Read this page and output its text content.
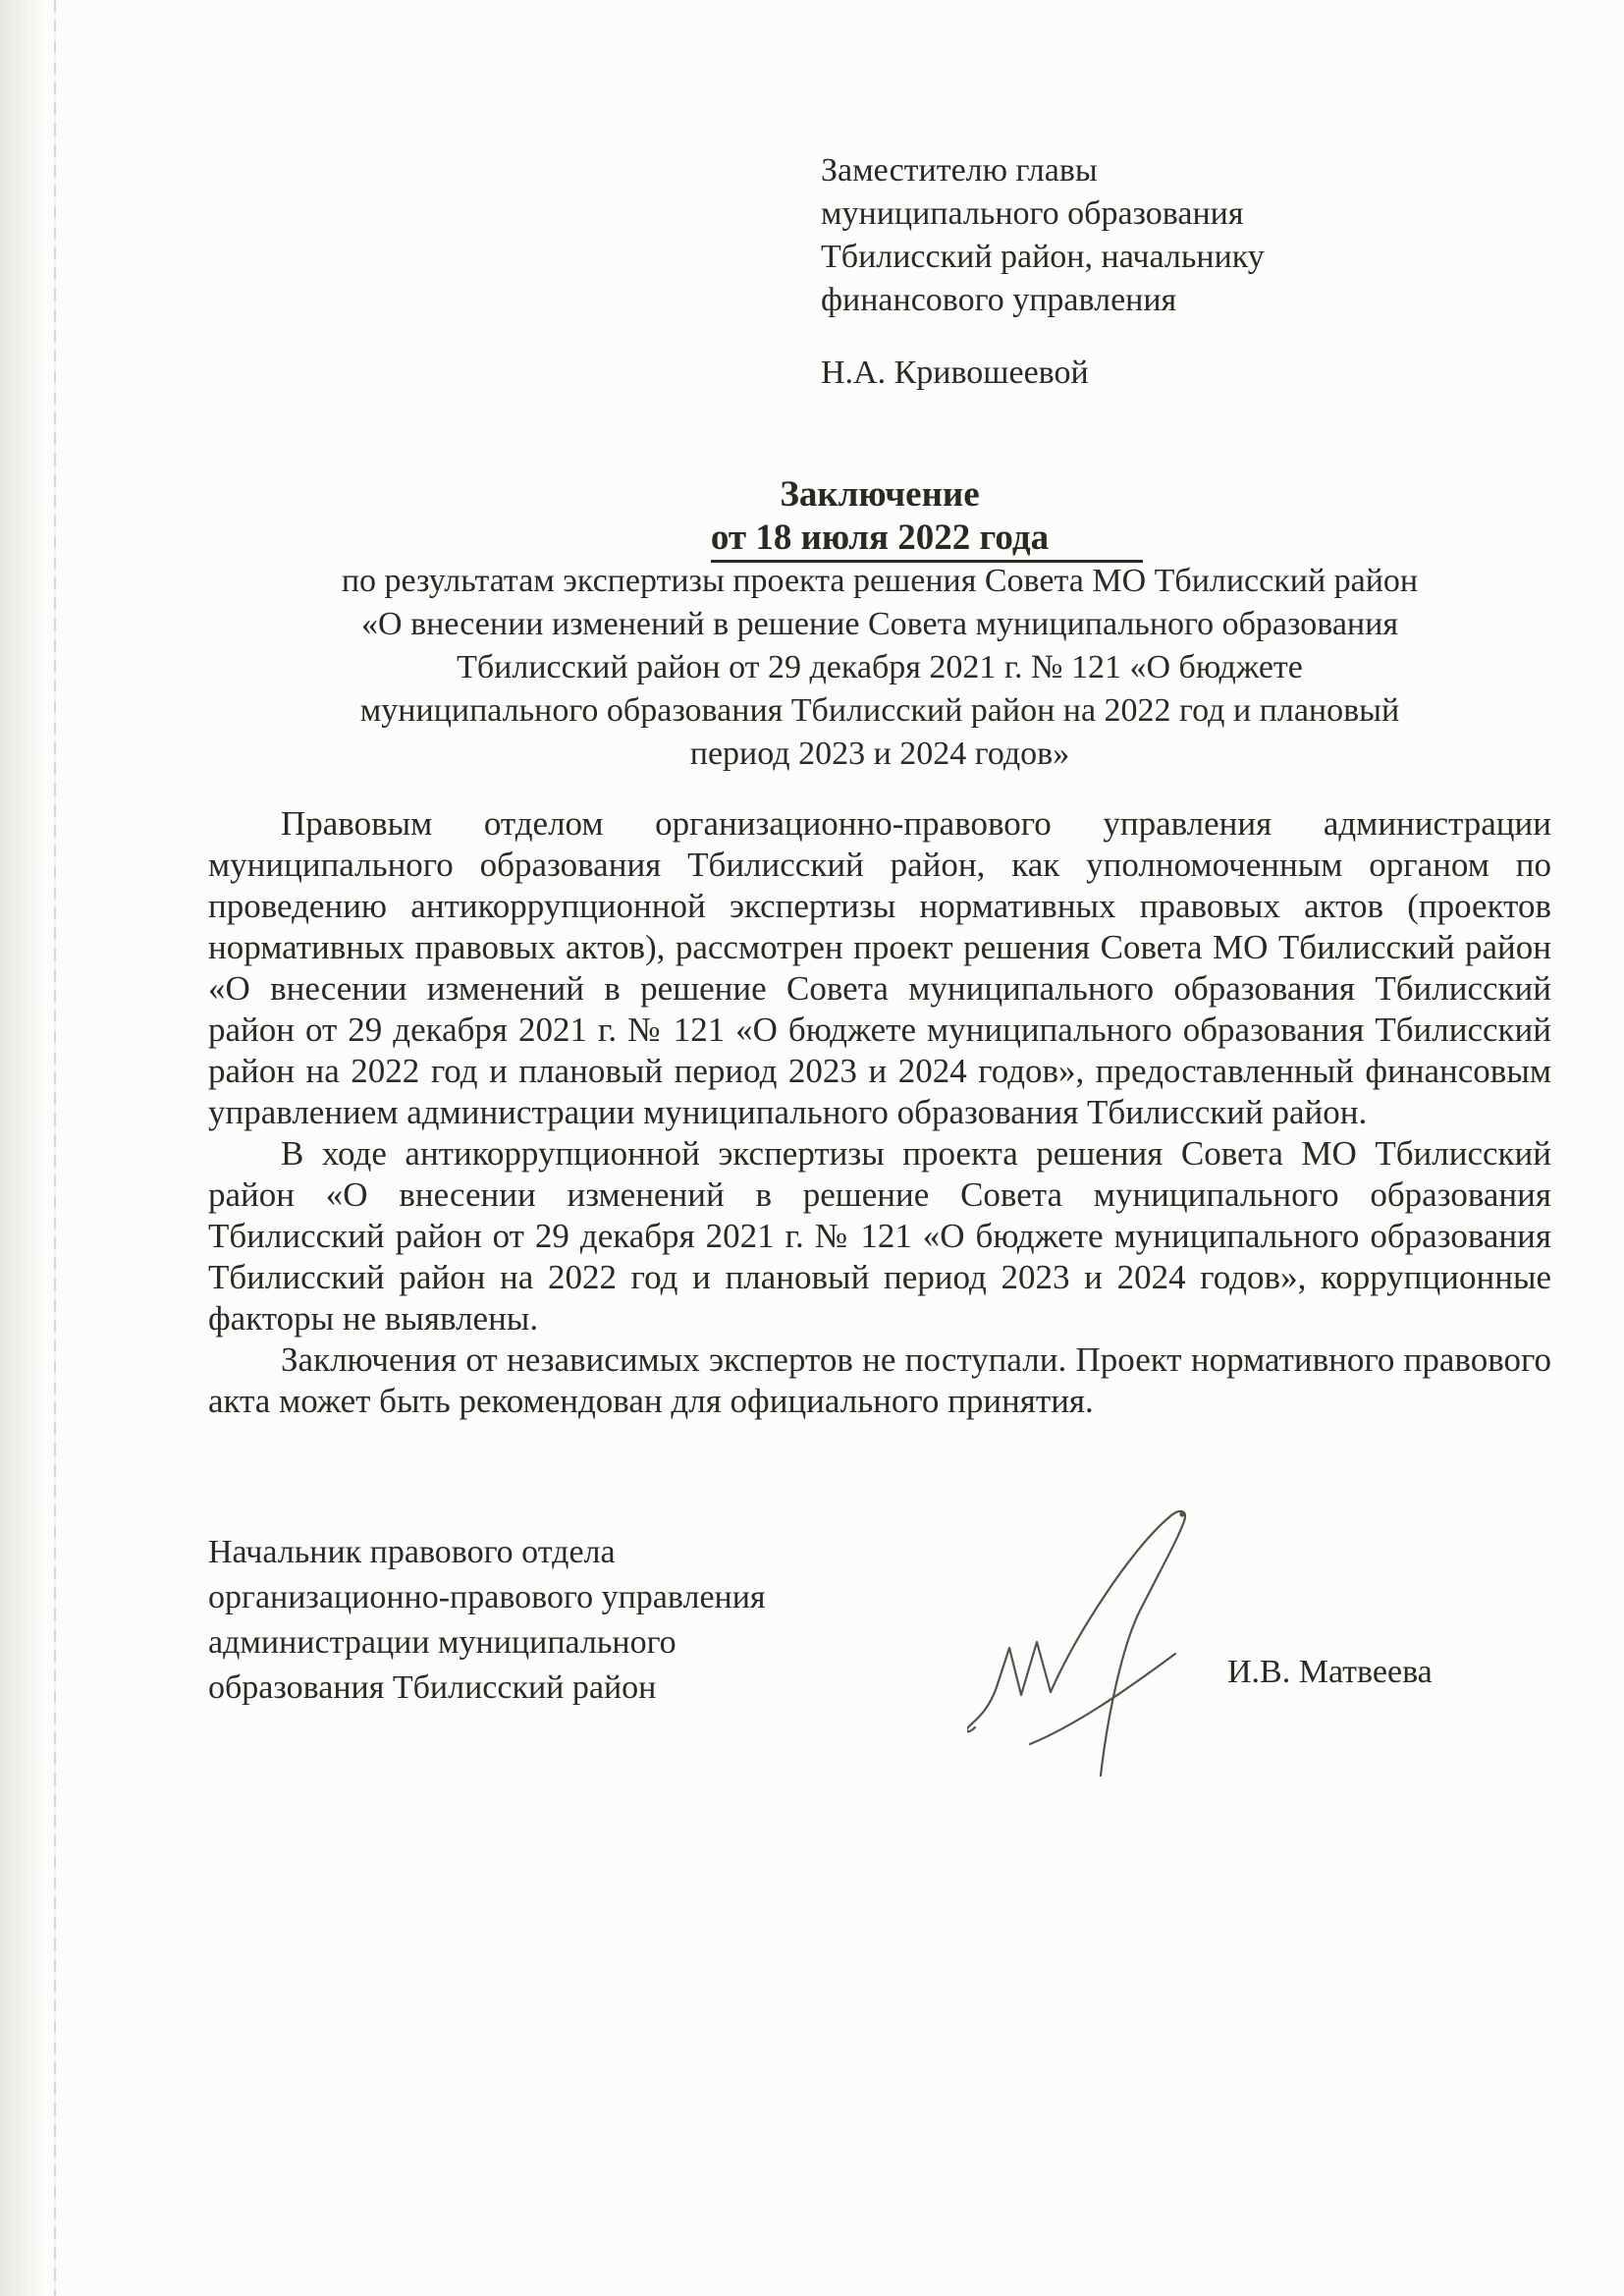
Заместителю главы
муниципального образования
Тбилисский район, начальнику
финансового управления
Н.А. Кривошеевой
Заключение
от 18 июля 2022 года
по результатам экспертизы проекта решения Совета МО Тбилисский район
«О внесении изменений в решение Совета муниципального образования
Тбилисский район от 29 декабря 2021 г. № 121 «О бюджете
муниципального образования Тбилисский район на 2022 год и плановый
период 2023 и 2024 годов»

Правовым отделом организационно-правового управления администрации муниципального образования Тбилисский район, как уполномоченным органом по проведению антикоррупционной экспертизы нормативных правовых актов (проектов нормативных правовых актов), рассмотрен проект решения Совета МО Тбилисский район «О внесении изменений в решение Совета муниципального образования Тбилисский район от 29 декабря 2021 г. № 121 «О бюджете муниципального образования Тбилисский район на 2022 год и плановый период 2023 и 2024 годов», предоставленный финансовым управлением администрации муниципального образования Тбилисский район.

В ходе антикоррупционной экспертизы проекта решения Совета МО Тбилисский район «О внесении изменений в решение Совета муниципального образования Тбилисский район от 29 декабря 2021 г. № 121 «О бюджете муниципального образования Тбилисский район на 2022 год и плановый период 2023 и 2024 годов», коррупционные факторы не выявлены.

Заключения от независимых экспертов не поступали. Проект нормативного правового акта может быть рекомендован для официального принятия.

Начальник правового отдела
организационно-правового управления
администрации муниципального
образования Тбилисский район	И.В. Матвеева
